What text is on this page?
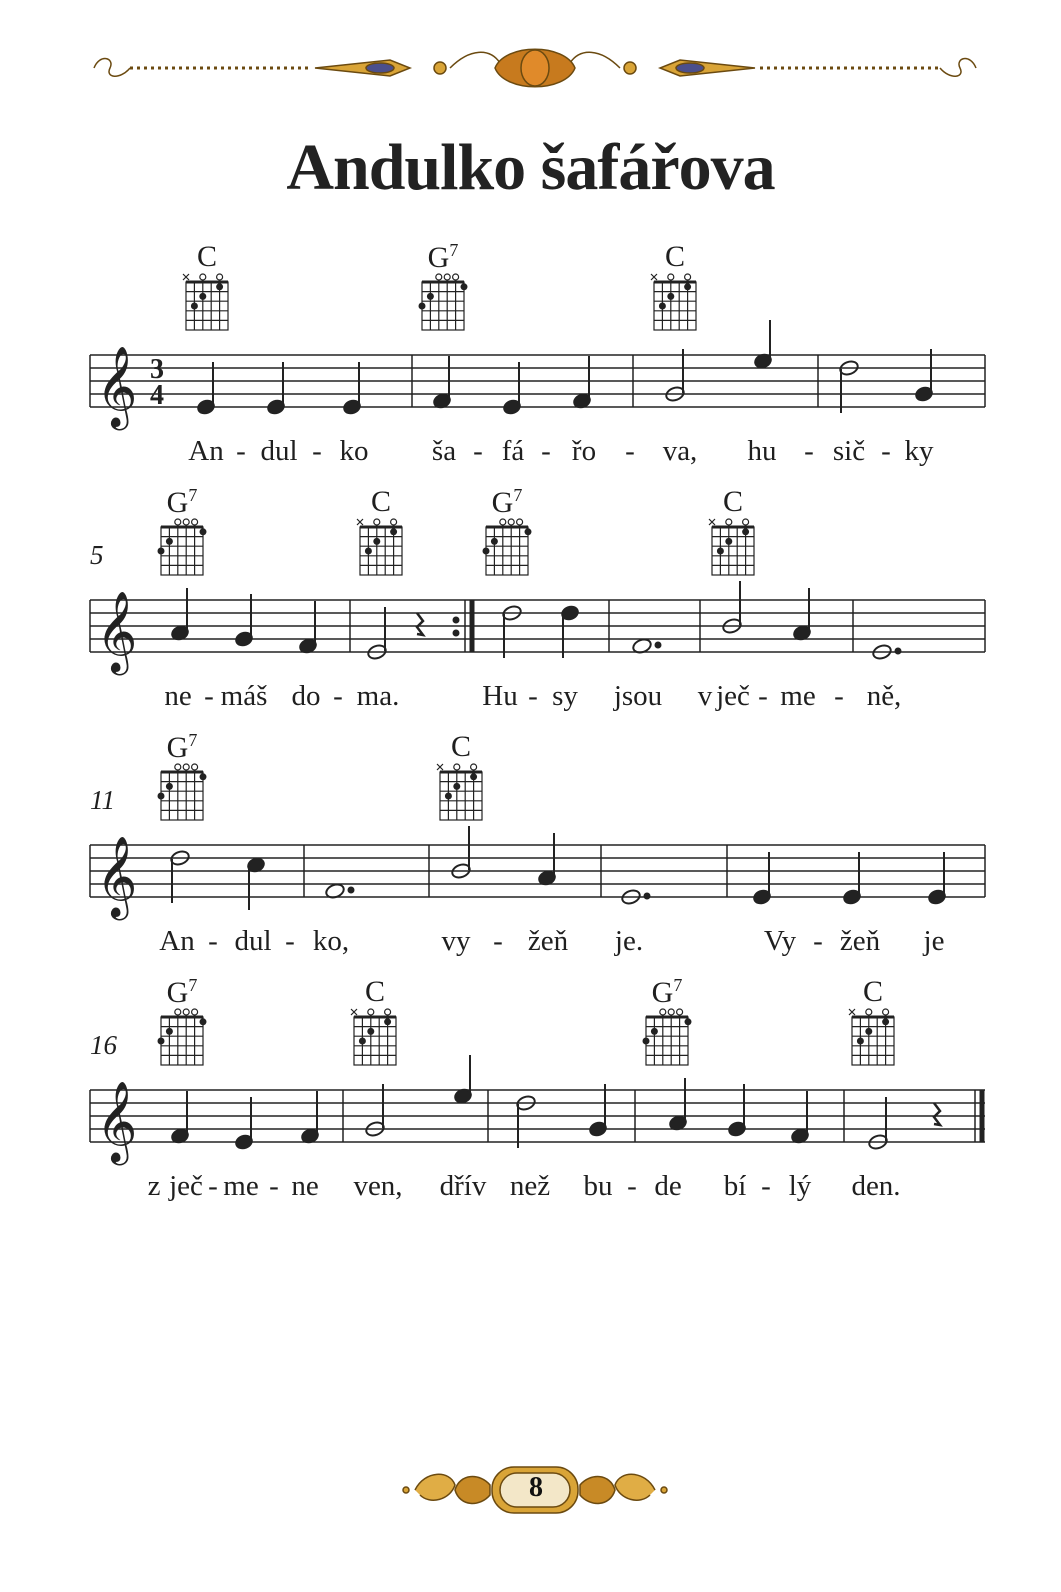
Andulko šafářova
C	$G^7$	C
𝄞 3
4
An - dul - ko ša - fá - řo - va, hu - sič - ky
5
$G^7$	C	$G^7$	C
𝄞
ne - máš do - ma.	Hu - sy jsou v ječ - me - ně,
11
$G^7$	C
𝄞
An - dul - ko,	vy - žeň je.	Vy - žeň je
16
$G^7$	C	$G^7$	C
𝄞
z ječ - me - ne ven, dřív než bu - de bí - lý den.
8
